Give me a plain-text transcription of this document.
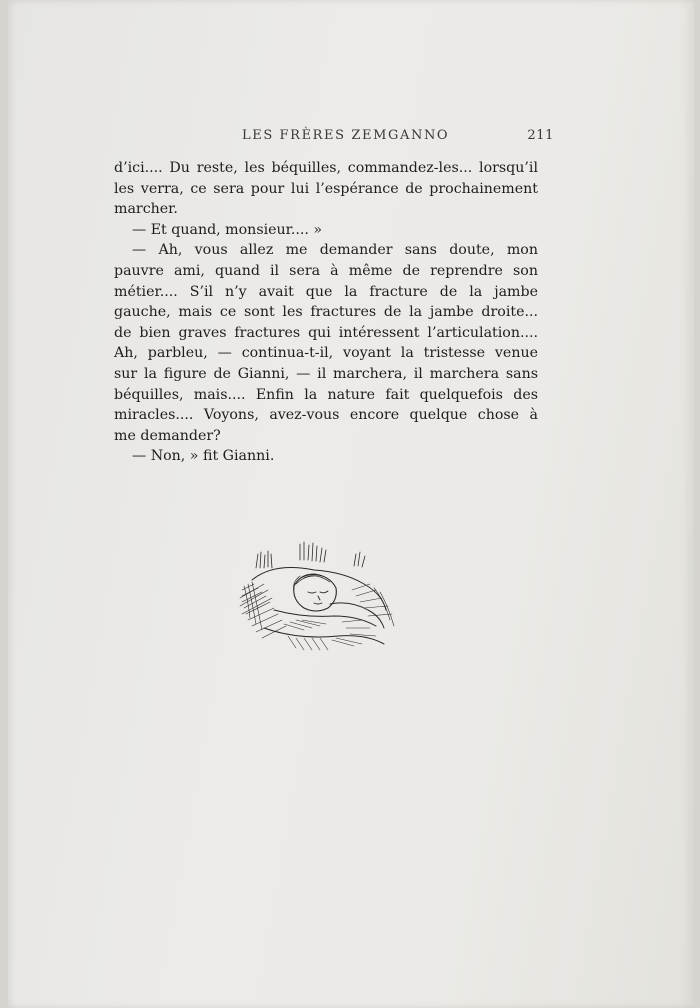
LES FRÈRES ZEMGANNO	211
d’ici.... Du reste, les béquilles, commandez-les... lorsqu’il
les verra, ce sera pour lui l’espérance de prochainement
marcher.
— Et quand, monsieur.... »
— Ah, vous allez me demander sans doute, mon
pauvre ami, quand il sera à même de reprendre son
métier.... S’il n’y avait que la fracture de la jambe
gauche, mais ce sont les fractures de la jambe droite...
de bien graves fractures qui intéressent l’articulation....
Ah, parbleu, — continua-t-il, voyant la tristesse venue
sur la figure de Gianni, — il marchera, il marchera sans
béquilles, mais.... Enfin la nature fait quelquefois des
miracles.... Voyons, avez-vous encore quelque chose à
me demander?
— Non, » fit Gianni.
